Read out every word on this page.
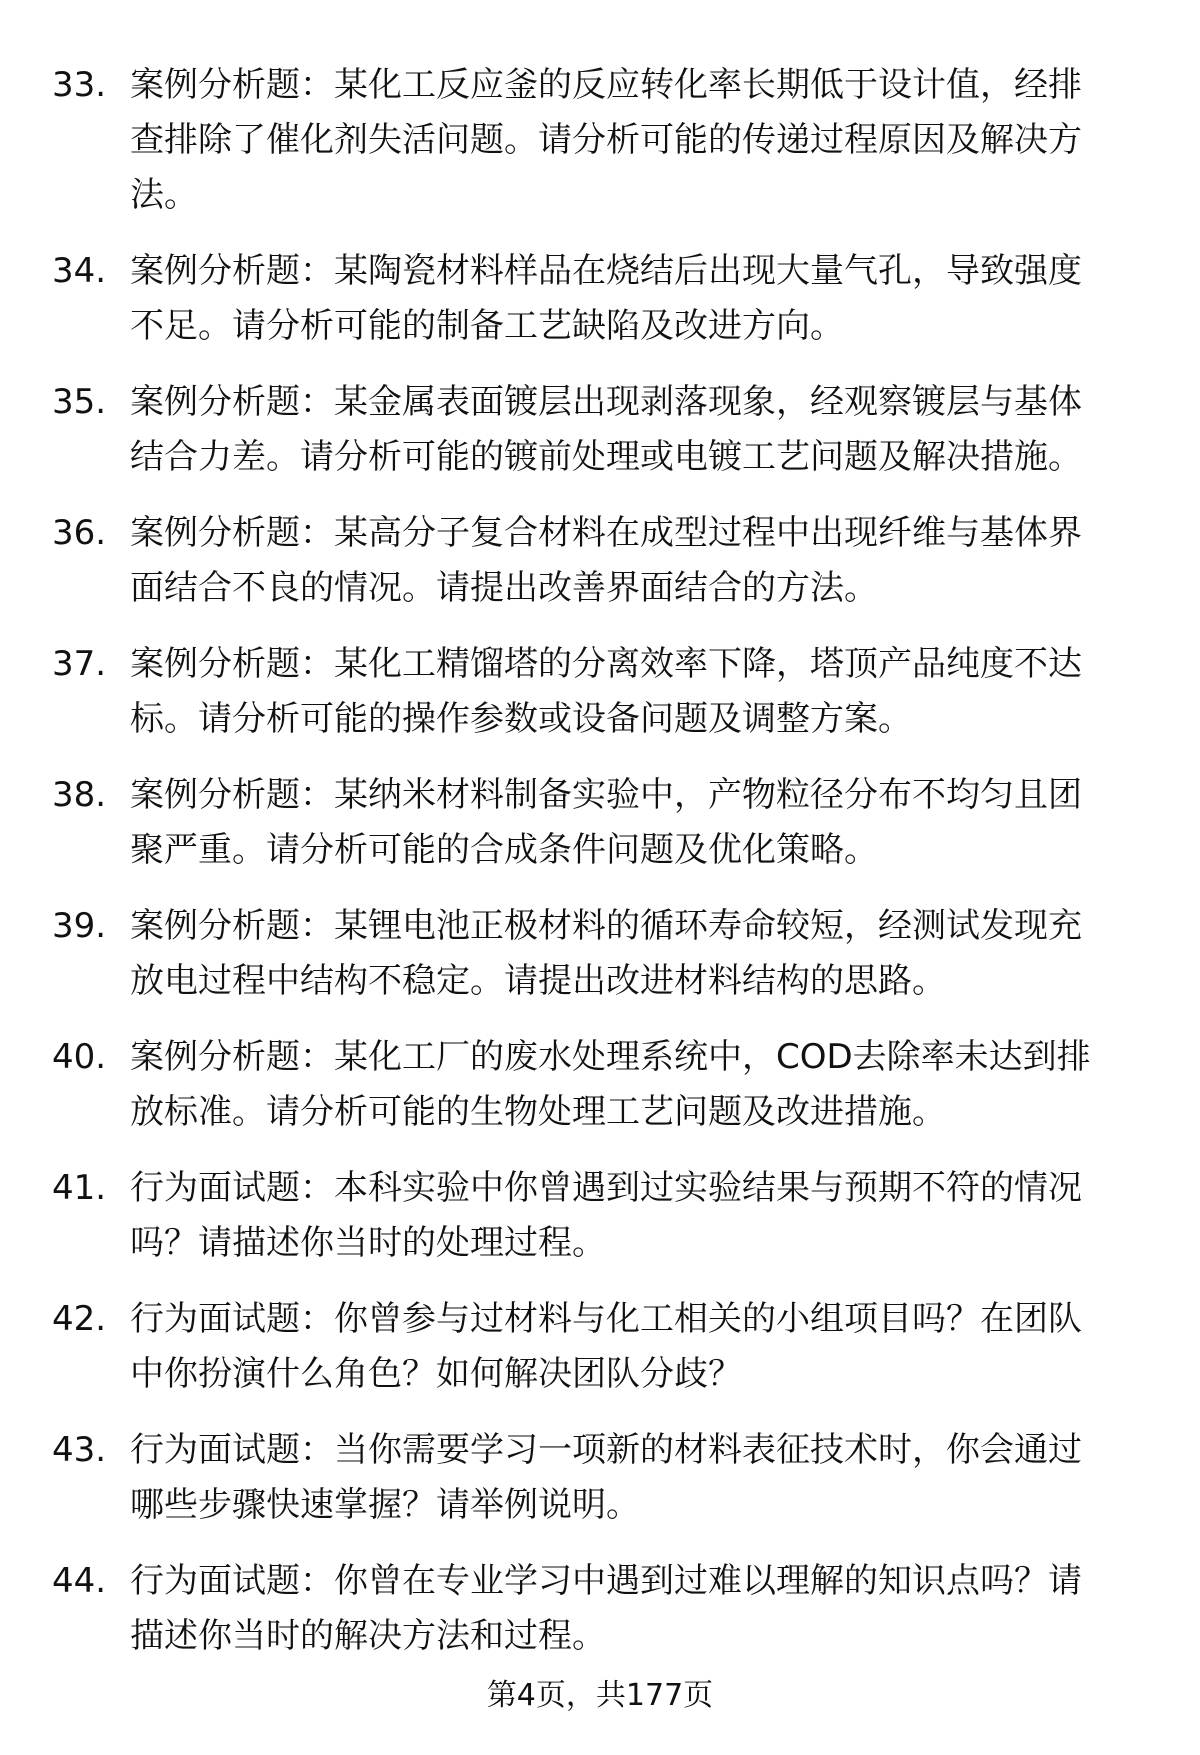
33. 案例分析题：某化工反应釜的反应转化率长期低于设计值，经排
查排除了催化剂失活问题。请分析可能的传递过程原因及解决方
法。
34. 案例分析题：某陶瓷材料样品在烧结后出现大量气孔，导致强度
不足。请分析可能的制备工艺缺陷及改进方向。
35. 案例分析题：某金属表面镀层出现剥落现象，经观察镀层与基体
结合力差。请分析可能的镀前处理或电镀工艺问题及解决措施。
36. 案例分析题：某高分子复合材料在成型过程中出现纤维与基体界
面结合不良的情况。请提出改善界面结合的方法。
37. 案例分析题：某化工精馏塔的分离效率下降，塔顶产品纯度不达
标。请分析可能的操作参数或设备问题及调整方案。
38. 案例分析题：某纳米材料制备实验中，产物粒径分布不均匀且团
聚严重。请分析可能的合成条件问题及优化策略。
39. 案例分析题：某锂电池正极材料的循环寿命较短，经测试发现充
放电过程中结构不稳定。请提出改进材料结构的思路。
40. 案例分析题：某化工厂的废水处理系统中，COD去除率未达到排
放标准。请分析可能的生物处理工艺问题及改进措施。
41. 行为面试题：本科实验中你曾遇到过实验结果与预期不符的情况
吗？请描述你当时的处理过程。
42. 行为面试题：你曾参与过材料与化工相关的小组项目吗？在团队
中你扮演什么角色？如何解决团队分歧？
43. 行为面试题：当你需要学习一项新的材料表征技术时，你会通过
哪些步骤快速掌握？请举例说明。
44. 行为面试题：你曾在专业学习中遇到过难以理解的知识点吗？请
描述你当时的解决方法和过程。
第4页，共177页
